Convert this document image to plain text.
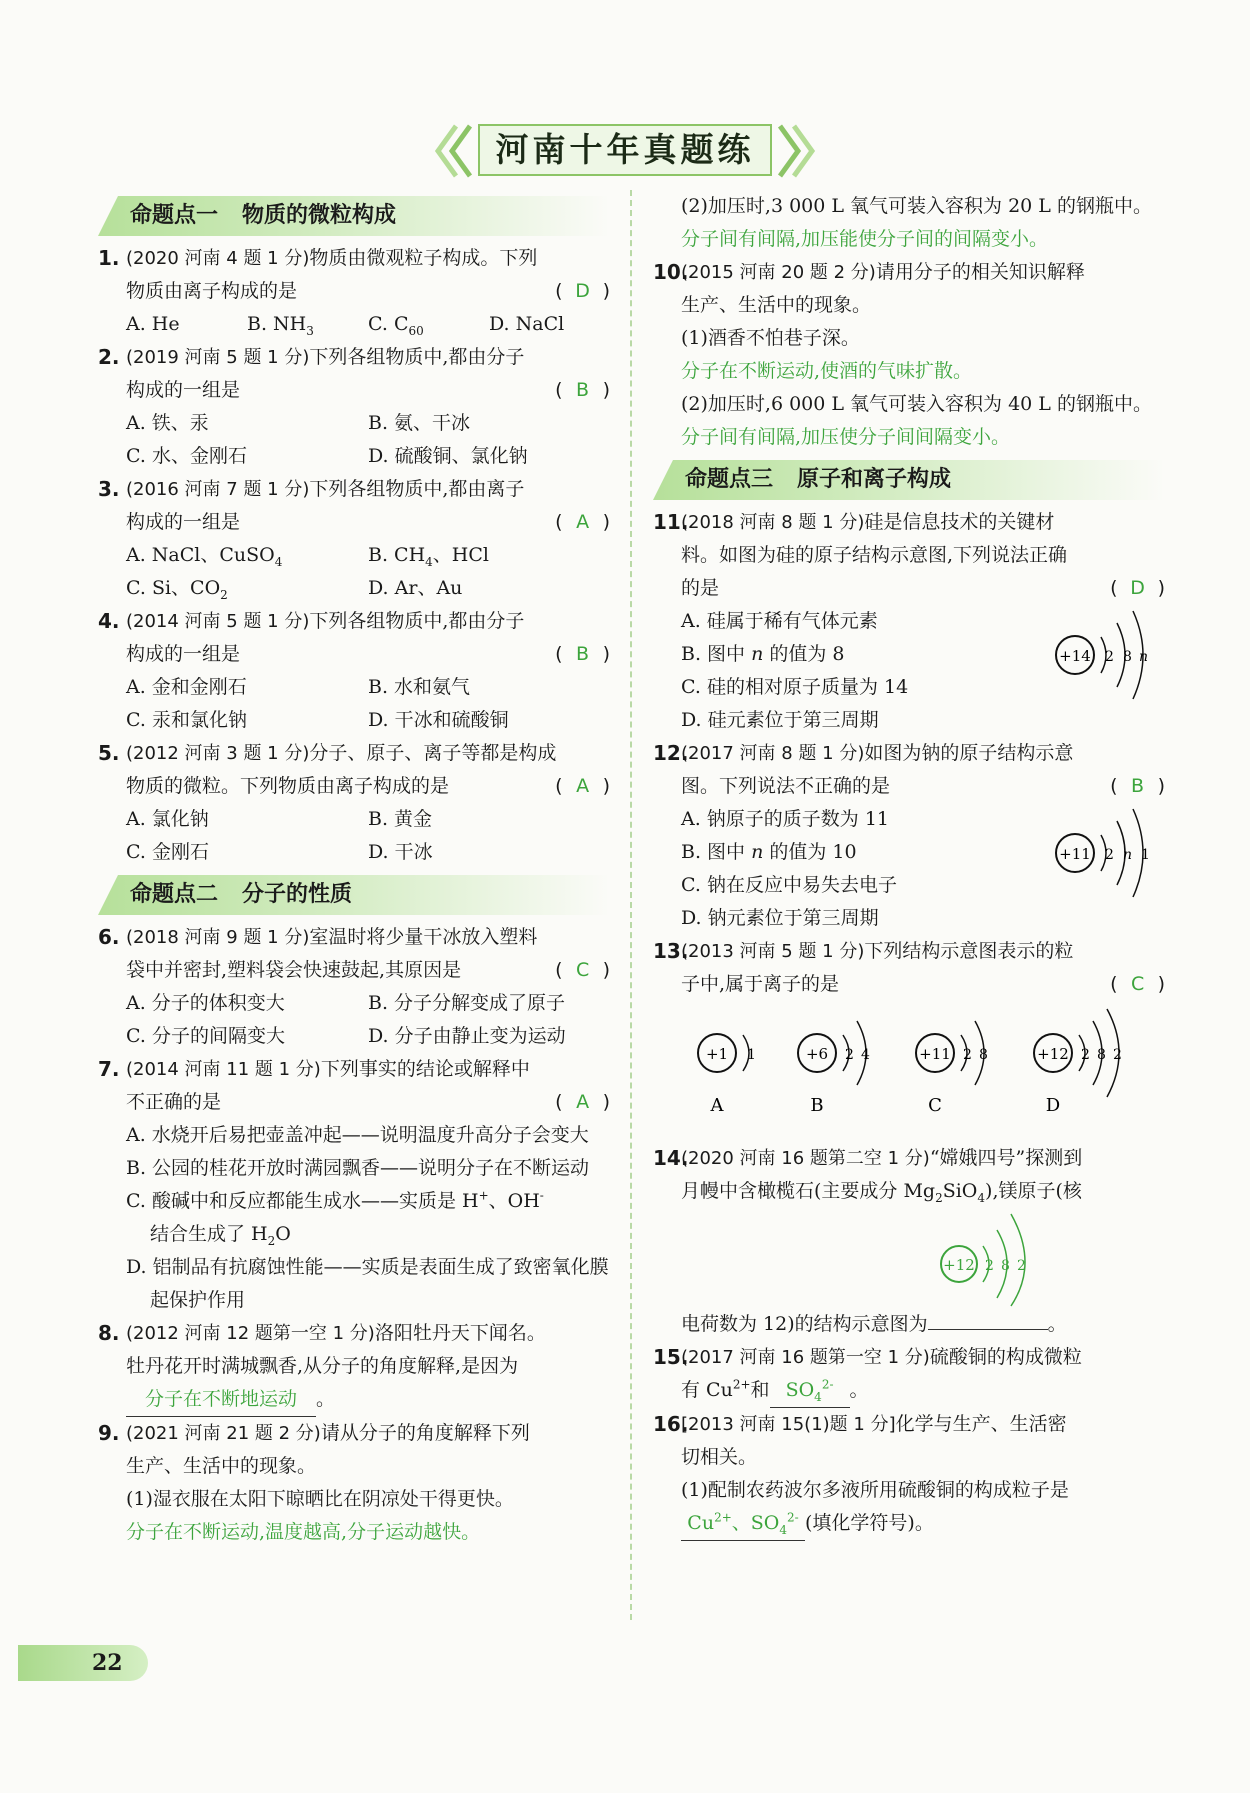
河南十年真题练
命题点一 物质的微粒构成
1. (2020 河南 4 题 1 分)物质由微观粒子构成。下列
物质由离子构成的是	( D )
A. He	B. $NH_3$	C. $C_{60}$	D. NaCl
2. (2019 河南 5 题 1 分)下列各组物质中,都由分子
构成的一组是	( B )
A. 铁、汞	B. 氨、干冰
C. 水、金刚石	D. 硫酸铜、氯化钠
3. (2016 河南 7 题 1 分)下列各组物质中,都由离子
构成的一组是	( A )
A. NaCl、CuSO$_4$	B. $CH_4$、HCl
C. Si、$CO_2$	D. Ar、Au
4. (2014 河南 5 题 1 分)下列各组物质中,都由分子
构成的一组是	( B )
A. 金和金刚石	B. 水和氨气
C. 汞和氯化钠	D. 干冰和硫酸铜
5. (2012 河南 3 题 1 分)分子、原子、离子等都是构成
物质的微粒。下列物质由离子构成的是	( A )
A. 氯化钠	B. 黄金
C. 金刚石	D. 干冰
命题点二 分子的性质
6. (2018 河南 9 题 1 分)室温时将少量干冰放入塑料
袋中并密封,塑料袋会快速鼓起,其原因是	( C )
A. 分子的体积变大	B. 分子分解变成了原子
C. 分子的间隔变大	D. 分子由静止变为运动
7. (2014 河南 11 题 1 分)下列事实的结论或解释中
不正确的是	( A )
A. 水烧开后易把壶盖冲起——说明温度升高分子会变大
B. 公园的桂花开放时满园飘香——说明分子在不断运动
C. 酸碱中和反应都能生成水——实质是 H+、OH-
结合生成了 $H_2O$
D. 铝制品有抗腐蚀性能——实质是表面生成了致密氧化膜起保护作用
8. (2012 河南 12 题第一空 1 分)洛阳牡丹天下闻名。
牡丹花开时满城飘香,从分子的角度解释,是因为
分子在不断地运动 。
9. (2021 河南 21 题 2 分)请从分子的角度解释下列
生产、生活中的现象。
(1)湿衣服在太阳下晾晒比在阴凉处干得更快。
分子在不断运动,温度越高,分子运动越快。
(2)加压时,3 000 L 氧气可装入容积为 20 L 的钢瓶中。
分子间有间隔,加压能使分子间的间隔变小。
10.
(2015 河南 20 题 2 分)请用分子的相关知识解释
生产、生活中的现象。
(1)酒香不怕巷子深。
分子在不断运动,使酒的气味扩散。
(2)加压时,6 000 L 氧气可装入容积为 40 L 的钢瓶中。
分子间有间隔,加压使分子间间隔变小。
命题点三 原子和离子构成
11.
(2018 河南 8 题 1 分)硅是信息技术的关键材
料。如图为硅的原子结构示意图,下列说法正确
的是	( D )
A. 硅属于稀有气体元素
B. 图中 n 的值为 8
C. 硅的相对原子质量为 14
D. 硅元素位于第三周期
+14 2 8 n
12.
(2017 河南 8 题 1 分)如图为钠的原子结构示意
图。下列说法不正确的是	( B )
A. 钠原子的质子数为 11
B. 图中 n 的值为 10
C. 钠在反应中易失去电子
D. 钠元素位于第三周期
+11 2 n 1
13.
(2013 河南 5 题 1 分)下列结构示意图表示的粒
子中,属于离子的是	( C )
+1 1
A
+6 2 4
B
+11 2 8
C
+12 2 8 2
D
14.
(2020 河南 16 题第二空 1 分)“嫦娥四号”探测到
月幔中含橄榄石(主要成分 $Mg_2SiO_4$),镁原子(核
+12 2 8 2
电荷数为 12)的结构示意图为	。
15.
(2017 河南 16 题第一空 1 分)硫酸铜的构成微粒
有 $Cu^{2+}$和 $SO_4^{2-}$ 。
16.
[2013 河南 15(1)题 1 分]化学与生产、生活密
切相关。
(1)配制农药波尔多液所用硫酸铜的构成粒子是
$Cu^{2+}$、$SO_4^{2-}$ (填化学符号)。
22
